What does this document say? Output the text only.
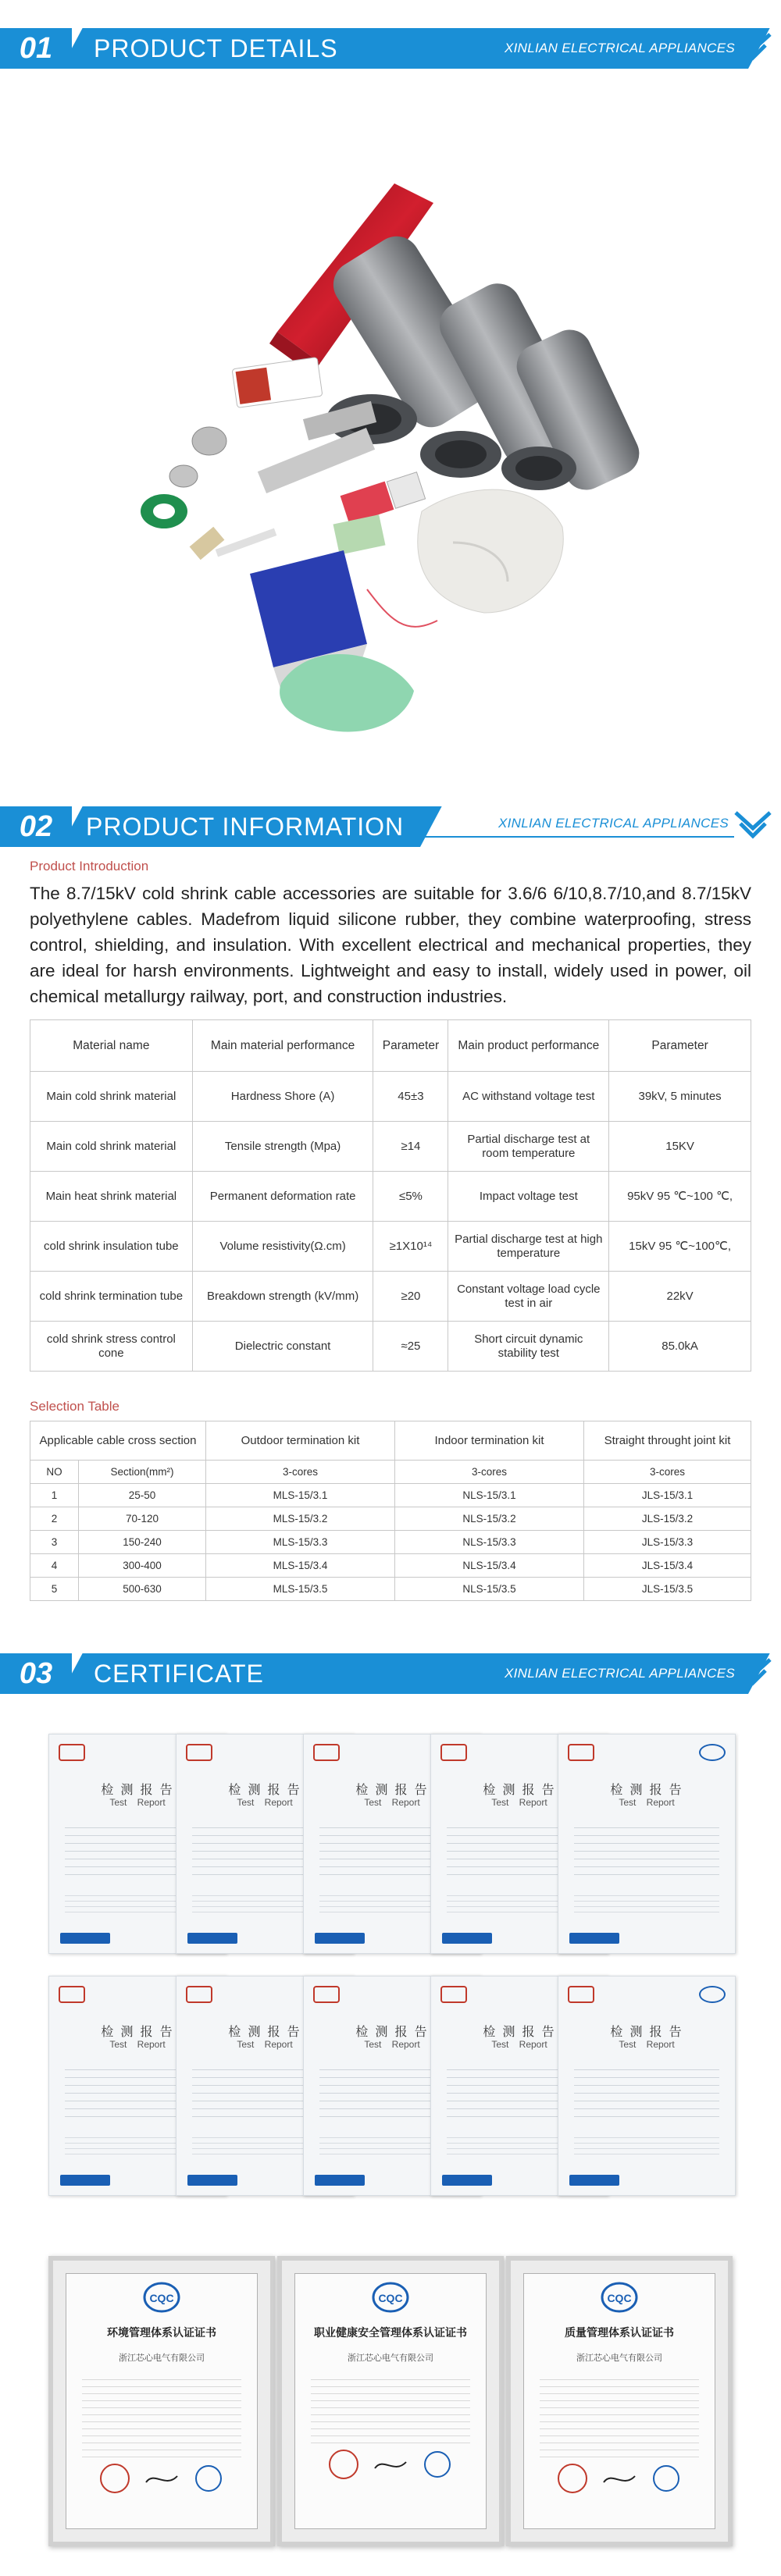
01	PRODUCT DETAILS	XINLIAN ELECTRICAL APPLIANCES
02	PRODUCT INFORMATION	XINLIAN ELECTRICAL APPLIANCES
Product Introduction
The 8.7/15kV cold shrink cable accessories are suitable for 3.6/6 6/10,8.7/10,and 8.7/15kV polyethylene cables. Madefrom liquid silicone rubber, they combine waterproofing, stress control, shielding, and insulation. With excellent electrical and mechanical properties, they are ideal for harsh environments. Lightweight and easy to install, widely used in power, oil chemical metallurgy railway, port, and construction industries.
Material name	Main material performance	Parameter	Main product performance	Parameter
Main cold shrink material	Hardness Shore (A)	45±3	AC withstand voltage test	39kV, 5 minutes
Main cold shrink material	Tensile strength (Mpa)	≥14	Partial discharge test at room temperature	15KV
Main heat shrink material	Permanent deformation rate	≤5%	Impact voltage test	95kV 95 ℃~100 ℃,
cold shrink insulation tube	Volume resistivity(Ω.cm)	≥1X10¹⁴	Partial discharge test at high temperature	15kV 95 ℃~100℃,
cold shrink termination tube	Breakdown strength (kV/mm)	≥20	Constant voltage load cycle test in air	22kV
cold shrink stress control cone	Dielectric constant	≈25	Short circuit dynamic stability test	85.0kA
Selection Table
Applicable cable cross section		Outdoor termination kit	Indoor termination kit	Straight throught joint kit
NO	Section(mm²)	3-cores	3-cores	3-cores
1	25-50	MLS-15/3.1	NLS-15/3.1	JLS-15/3.1
2	70-120	MLS-15/3.2	NLS-15/3.2	JLS-15/3.2
3	150-240	MLS-15/3.3	NLS-15/3.3	JLS-15/3.3
4	300-400	MLS-15/3.4	NLS-15/3.4	JLS-15/3.4
5	500-630	MLS-15/3.5	NLS-15/3.5	JLS-15/3.5
03	CERTIFICATE	XINLIAN ELECTRICAL APPLIANCES
检 测 报 告
Test    Report
检 测 报 告
Test    Report
检 测 报 告
Test    Report
检 测 报 告
Test    Report
检 测 报 告
Test    Report
检 测 报 告
Test    Report
检 测 报 告
Test    Report
检 测 报 告
Test    Report
检 测 报 告
Test    Report
检 测 报 告
Test    Report
CQC
环境管理体系认证证书
浙江芯心电气有限公司
CQC
职业健康安全管理体系认证证书
浙江芯心电气有限公司
CQC
质量管理体系认证证书
浙江芯心电气有限公司
